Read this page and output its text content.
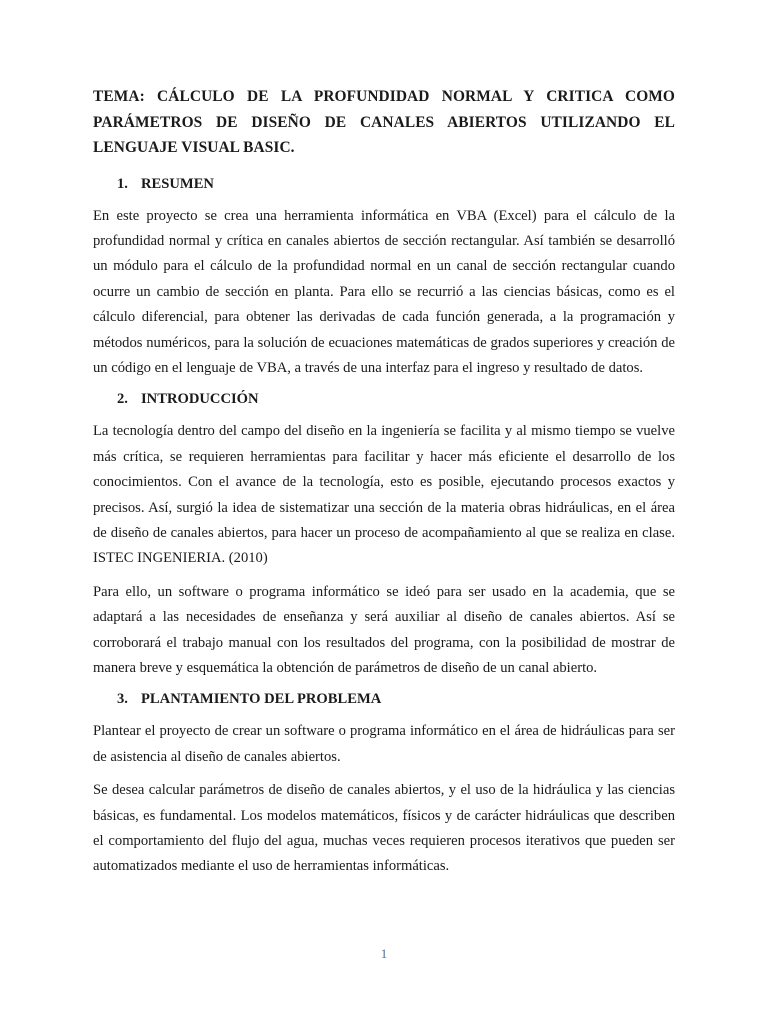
TEMA: CÁLCULO DE LA PROFUNDIDAD NORMAL Y CRITICA COMO PARÁMETROS DE DISEÑO DE CANALES ABIERTOS UTILIZANDO EL LENGUAJE VISUAL BASIC.

1. RESUMEN

En este proyecto se crea una herramienta informática en VBA (Excel) para el cálculo de la profundidad normal y crítica en canales abiertos de sección rectangular. Así también se desarrolló un módulo para el cálculo de la profundidad normal en un canal de sección rectangular cuando ocurre un cambio de sección en planta. Para ello se recurrió a las ciencias básicas, como es el cálculo diferencial, para obtener las derivadas de cada función generada, a la programación y métodos numéricos, para la solución de ecuaciones matemáticas de grados superiores y creación de un código en el lenguaje de VBA, a través de una interfaz para el ingreso y resultado de datos.

2. INTRODUCCIÓN

La tecnología dentro del campo del diseño en la ingeniería se facilita y al mismo tiempo se vuelve más crítica, se requieren herramientas para facilitar y hacer más eficiente el desarrollo de los conocimientos. Con el avance de la tecnología, esto es posible, ejecutando procesos exactos y precisos. Así, surgió la idea de sistematizar una sección de la materia obras hidráulicas, en el área de diseño de canales abiertos, para hacer un proceso de acompañamiento al que se realiza en clase. ISTEC INGENIERIA. (2010)

Para ello, un software o programa informático se ideó para ser usado en la academia, que se adaptará a las necesidades de enseñanza y será auxiliar al diseño de canales abiertos. Así se corroborará el trabajo manual con los resultados del programa, con la posibilidad de mostrar de manera breve y esquemática la obtención de parámetros de diseño de un canal abierto.

3. PLANTAMIENTO DEL PROBLEMA

Plantear el proyecto de crear un software o programa informático en el área de hidráulicas para ser de asistencia al diseño de canales abiertos.

Se desea calcular parámetros de diseño de canales abiertos, y el uso de la hidráulica y las ciencias básicas, es fundamental. Los modelos matemáticos, físicos y de carácter hidráulicas que describen el comportamiento del flujo del agua, muchas veces requieren procesos iterativos que pueden ser automatizados mediante el uso de herramientas informáticas.

1
